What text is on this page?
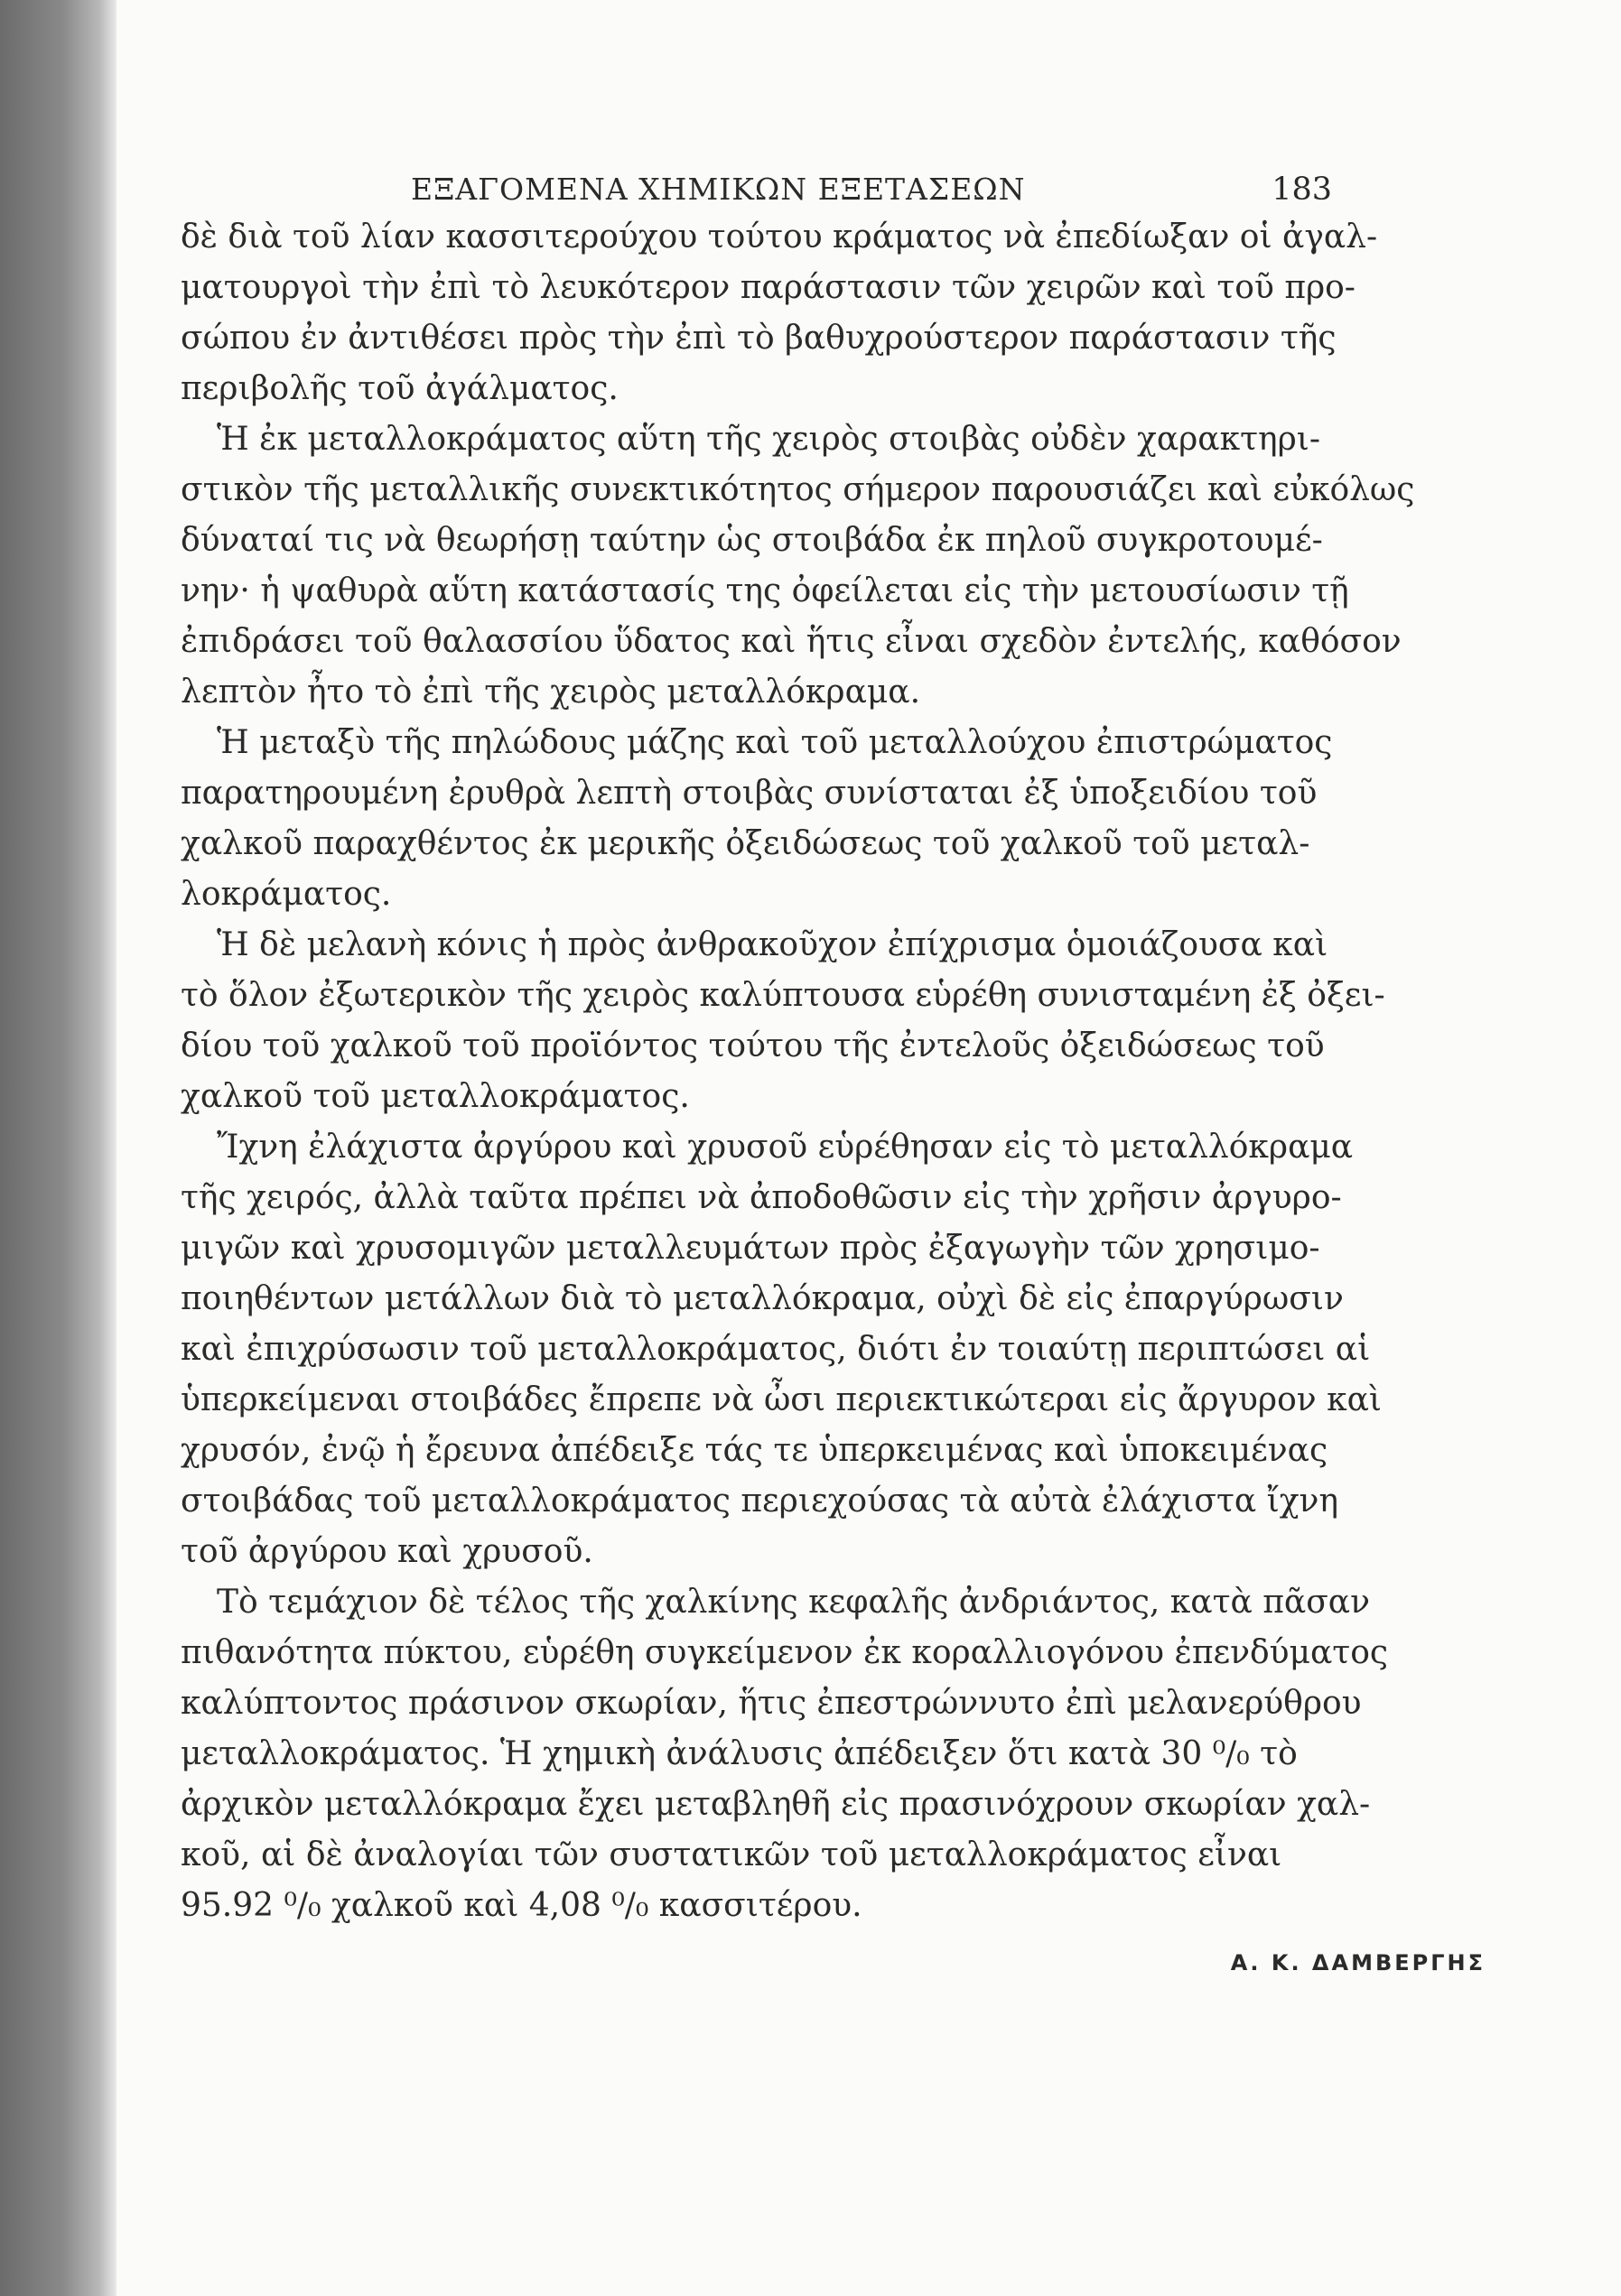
ΕΞΑΓΟΜΕΝΑ ΧΗΜΙΚΩΝ ΕΞΕΤΑΣΕΩΝ	183
δὲ διὰ τοῦ λίαν κασσιτερούχου τούτου κράματος νὰ ἐπεδίωξαν οἱ ἀγαλ-
ματουργοὶ τὴν ἐπὶ τὸ λευκότερον παράστασιν τῶν χειρῶν καὶ τοῦ προ-
σώπου ἐν ἀντιθέσει πρὸς τὴν ἐπὶ τὸ βαθυχρούστερον παράστασιν τῆς
περιβολῆς τοῦ ἀγάλματος.
Ἡ ἐκ μεταλλοκράματος αὕτη τῆς χειρὸς στοιβὰς οὐδὲν χαρακτηρι-
στικὸν τῆς μεταλλικῆς συνεκτικότητος σήμερον παρουσιάζει καὶ εὐκόλως
δύναταί τις νὰ θεωρήσῃ ταύτην ὡς στοιβάδα ἐκ πηλοῦ συγκροτουμέ-
νην· ἡ ψαθυρὰ αὕτη κατάστασίς της ὀφείλεται εἰς τὴν μετουσίωσιν τῇ
ἐπιδράσει τοῦ θαλασσίου ὕδατος καὶ ἥτις εἶναι σχεδὸν ἐντελής, καθόσον
λεπτὸν ἦτο τὸ ἐπὶ τῆς χειρὸς μεταλλόκραμα.
Ἡ μεταξὺ τῆς πηλώδους μάζης καὶ τοῦ μεταλλούχου ἐπιστρώματος
παρατηρουμένη ἐρυθρὰ λεπτὴ στοιβὰς συνίσταται ἐξ ὑποξειδίου τοῦ
χαλκοῦ παραχθέντος ἐκ μερικῆς ὀξειδώσεως τοῦ χαλκοῦ τοῦ μεταλ-
λοκράματος.
Ἡ δὲ μελανὴ κόνις ἡ πρὸς ἀνθρακοῦχον ἐπίχρισμα ὁμοιάζουσα καὶ
τὸ ὅλον ἐξωτερικὸν τῆς χειρὸς καλύπτουσα εὑρέθη συνισταμένη ἐξ ὀξει-
δίου τοῦ χαλκοῦ τοῦ προϊόντος τούτου τῆς ἐντελοῦς ὀξειδώσεως τοῦ
χαλκοῦ τοῦ μεταλλοκράματος.
Ἴχνη ἐλάχιστα ἀργύρου καὶ χρυσοῦ εὑρέθησαν εἰς τὸ μεταλλόκραμα
τῆς χειρός, ἀλλὰ ταῦτα πρέπει νὰ ἀποδοθῶσιν εἰς τὴν χρῆσιν ἀργυρο-
μιγῶν καὶ χρυσομιγῶν μεταλλευμάτων πρὸς ἐξαγωγὴν τῶν χρησιμο-
ποιηθέντων μετάλλων διὰ τὸ μεταλλόκραμα, οὐχὶ δὲ εἰς ἐπαργύρωσιν
καὶ ἐπιχρύσωσιν τοῦ μεταλλοκράματος, διότι ἐν τοιαύτῃ περιπτώσει αἱ
ὑπερκείμεναι στοιβάδες ἔπρεπε νὰ ὦσι περιεκτικώτεραι εἰς ἄργυρον καὶ
χρυσόν, ἐνῷ ἡ ἔρευνα ἀπέδειξε τάς τε ὑπερκειμένας καὶ ὑποκειμένας
στοιβάδας τοῦ μεταλλοκράματος περιεχούσας τὰ αὐτὰ ἐλάχιστα ἴχνη
τοῦ ἀργύρου καὶ χρυσοῦ.
Τὸ τεμάχιον δὲ τέλος τῆς χαλκίνης κεφαλῆς ἀνδριάντος, κατὰ πᾶσαν
πιθανότητα πύκτου, εὑρέθη συγκείμενον ἐκ κοραλλιογόνου ἐπενδύματος
καλύπτοντος πράσινον σκωρίαν, ἥτις ἐπεστρώννυτο ἐπὶ μελανερύθρου
μεταλλοκράματος. Ἡ χημικὴ ἀνάλυσις ἀπέδειξεν ὅτι κατὰ 30 ⁰/₀ τὸ
ἀρχικὸν μεταλλόκραμα ἔχει μεταβληθῆ εἰς πρασινόχρουν σκωρίαν χαλ-
κοῦ, αἱ δὲ ἀναλογίαι τῶν συστατικῶν τοῦ μεταλλοκράματος εἶναι
95.92 ⁰/₀ χαλκοῦ καὶ 4,08 ⁰/₀ κασσιτέρου.
Α. Κ. ΔΑΜΒΕΡΓΗΣ
